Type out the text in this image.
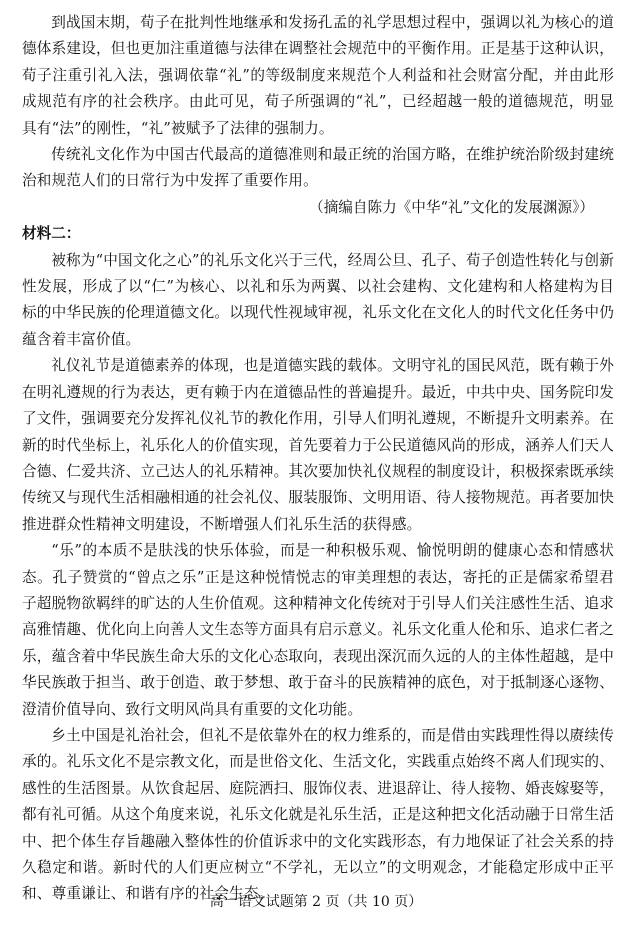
到战国末期，荀子在批判性地继承和发扬孔孟的礼学思想过程中，强调以礼为核心的道德体系建设，但也更加注重道德与法律在调整社会规范中的平衡作用。正是基于这种认识，荀子注重引礼入法，强调依靠“礼”的等级制度来规范个人利益和社会财富分配，并由此形成规范有序的社会秩序。由此可见，荀子所强调的“礼”，已经超越一般的道德规范，明显具有“法”的刚性，“礼”被赋予了法律的强制力。

传统礼文化作为中国古代最高的道德准则和最正统的治国方略，在维护统治阶级封建统治和规范人们的日常行为中发挥了重要作用。

（摘编自陈力《中华“礼”文化的发展渊源》）

材料二：

被称为“中国文化之心”的礼乐文化兴于三代，经周公旦、孔子、荀子创造性转化与创新性发展，形成了以“仁”为核心、以礼和乐为两翼、以社会建构、文化建构和人格建构为目标的中华民族的伦理道德文化。以现代性视域审视，礼乐文化在文化人的时代文化任务中仍蕴含着丰富价值。

礼仪礼节是道德素养的体现，也是道德实践的载体。文明守礼的国民风范，既有赖于外在明礼遵规的行为表达，更有赖于内在道德品性的普遍提升。最近，中共中央、国务院印发了文件，强调要充分发挥礼仪礼节的教化作用，引导人们明礼遵规，不断提升文明素养。在新的时代坐标上，礼乐化人的价值实现，首先要着力于公民道德风尚的形成，涵养人们天人合德、仁爱共济、立己达人的礼乐精神。其次要加快礼仪规程的制度设计，积极探索既承续传统又与现代生活相融相通的社会礼仪、服装服饰、文明用语、待人接物规范。再者要加快推进群众性精神文明建设，不断增强人们礼乐生活的获得感。

“乐”的本质不是肤浅的快乐体验，而是一种积极乐观、愉悦明朗的健康心态和情感状态。孔子赞赏的“曾点之乐”正是这种悦情悦志的审美理想的表达，寄托的正是儒家希望君子超脱物欲羁绊的旷达的人生价值观。这种精神文化传统对于引导人们关注感性生活、追求高雅情趣、优化向上向善人文生态等方面具有启示意义。礼乐文化重人伦和乐、追求仁者之乐，蕴含着中华民族生命大乐的文化心态取向，表现出深沉而久远的人的主体性超越，是中华民族敢于担当、敢于创造、敢于梦想、敢于奋斗的民族精神的底色，对于抵制逐心逐物、澄清价值导向、致行文明风尚具有重要的文化功能。

乡土中国是礼治社会，但礼不是依靠外在的权力维系的，而是借由实践理性得以赓续传承的。礼乐文化不是宗教文化，而是世俗文化、生活文化，实践重点始终不离人们现实的、感性的生活图景。从饮食起居、庭院洒扫、服饰仪表、进退辞让、待人接物、婚丧嫁娶等，都有礼可循。从这个角度来说，礼乐文化就是礼乐生活，正是这种把文化活动融于日常生活中、把个体生存旨趣融入整体性的价值诉求中的文化实践形态，有力地保证了社会关系的持久稳定和谐。新时代的人们更应树立“不学礼，无以立”的文明观念，才能稳定形成中正平和、尊重谦让、和谐有序的社会生态。

高一语文试题第 2 页（共 10 页）
